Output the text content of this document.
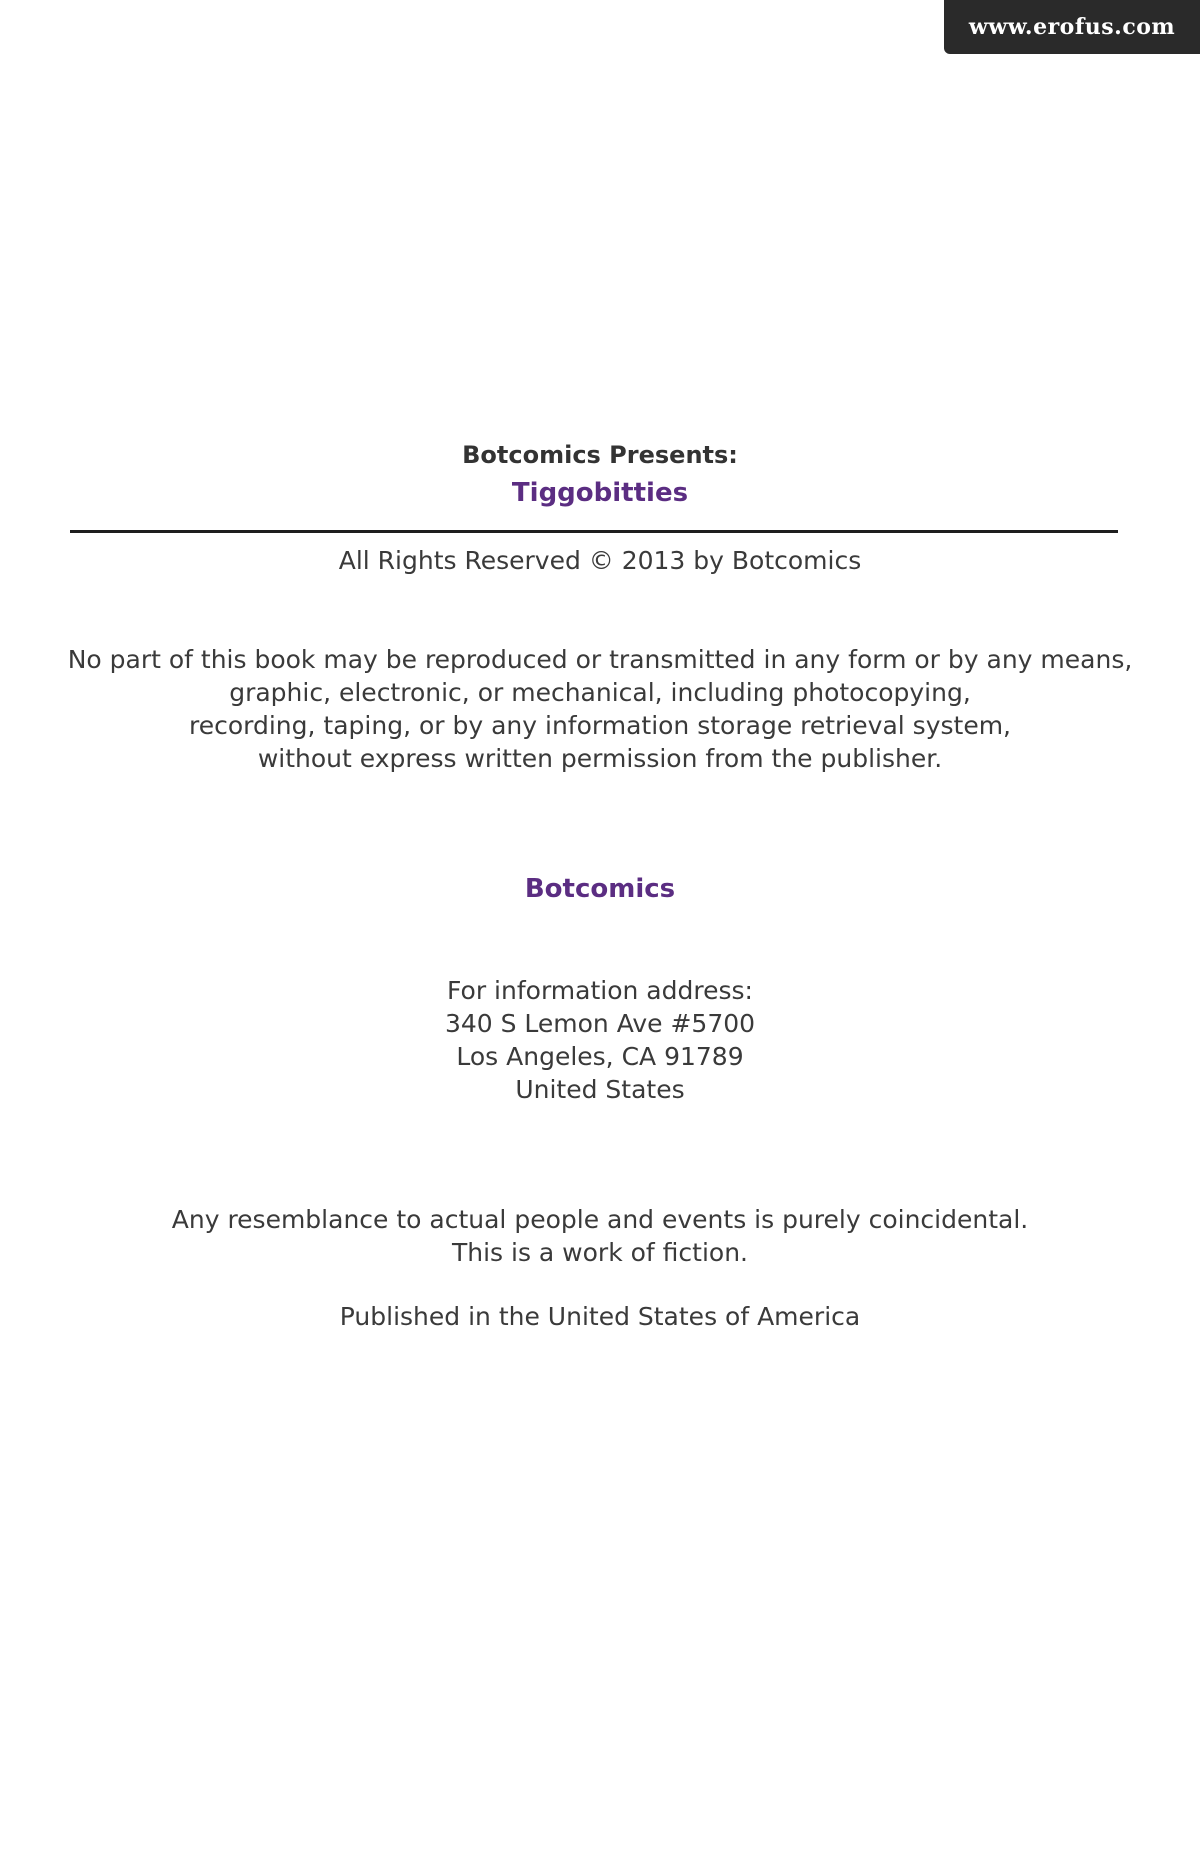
www.erofus.com
Botcomics Presents:
Tiggobitties
All Rights Reserved © 2013 by Botcomics
No part of this book may be reproduced or transmitted in any form or by any means,
graphic, electronic, or mechanical, including photocopying,
recording, taping, or by any information storage retrieval system,
without express written permission from the publisher.
Botcomics
For information address:
340 S Lemon Ave #5700
Los Angeles, CA 91789
United States
Any resemblance to actual people and events is purely coincidental.
This is a work of fiction.
Published in the United States of America
